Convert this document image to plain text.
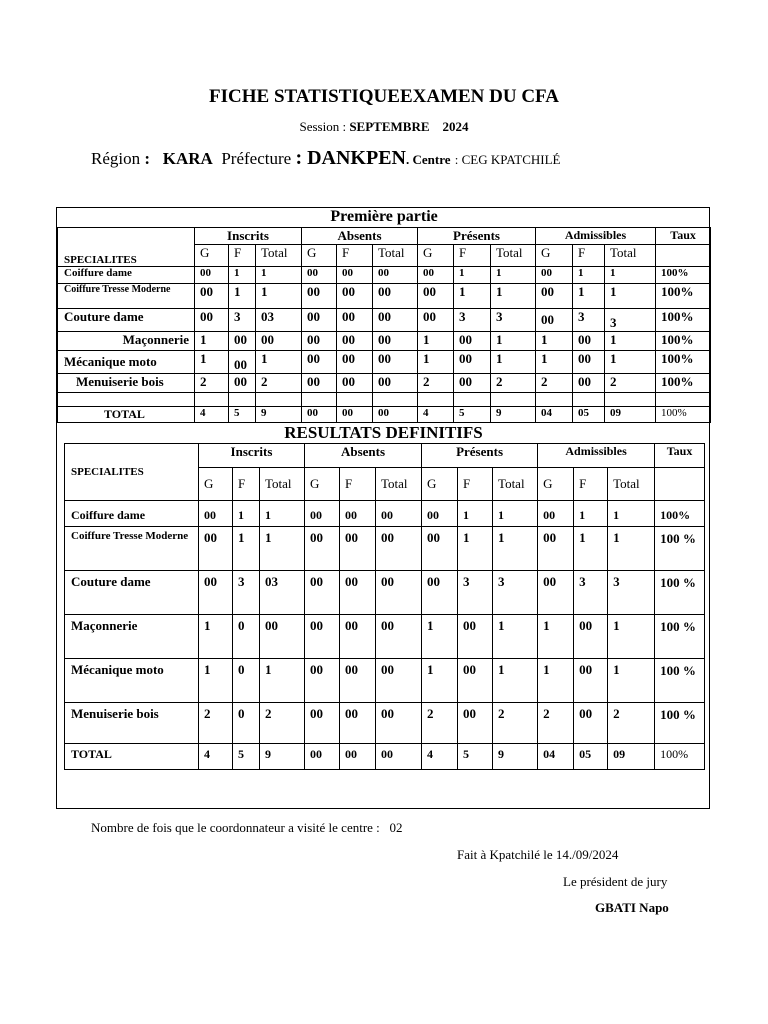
FICHE STATISTIQUEEXAMEN DU CFA
Session : SEPTEMBRE    2024
Région : KARA Préfecture : DANKPEN. Centre : CEG KPATCHILÉ
Première partie													
SPECIALITES	Inscrits			Absents			Présents			Admissibles			Taux
	G	F	Total	G	F	Total	G	F	Total	G	F	Total	
Coiffure dame	00	1	1	00	00	00	00	1	1	00	1	1	100%
Coiffure Tresse Moderne	00	1	1	00	00	00	00	1	1	00	1	1	100%
Couture dame	00	3	03	00	00	00	00	3	3	00	3	3	100%
Maçonnerie	1	00	00	00	00	00	1	00	1	1	00	1	100%
Mécanique moto	1	00	1	00	00	00	1	00	1	1	00	1	100%
Menuiserie bois	2	00	2	00	00	00	2	00	2	2	00	2	100%

TOTAL	4	5	9	00	00	00	4	5	9	04	05	09	100%
RESULTATS DEFINITIFS
SPECIALITES	Inscrits			Absents			Présents			Admissibles			Taux
	G	F	Total	G	F	Total	G	F	Total	G	F	Total	
Coiffure dame	00	1	1	00	00	00	00	1	1	00	1	1	100%
Coiffure Tresse Moderne	00	1	1	00	00	00	00	1	1	00	1	1	100 %
Couture dame	00	3	03	00	00	00	00	3	3	00	3	3	100 %
Maçonnerie	1	0	00	00	00	00	1	00	1	1	00	1	100 %
Mécanique moto	1	0	1	00	00	00	1	00	1	1	00	1	100 %
Menuiserie bois	2	0	2	00	00	00	2	00	2	2	00	2	100 %
TOTAL	4	5	9	00	00	00	4	5	9	04	05	09	100%
Nombre de fois que le coordonnateur a visité le centre : 02
Fait à Kpatchilé le 14./09/2024
Le président de jury
GBATI Napo
